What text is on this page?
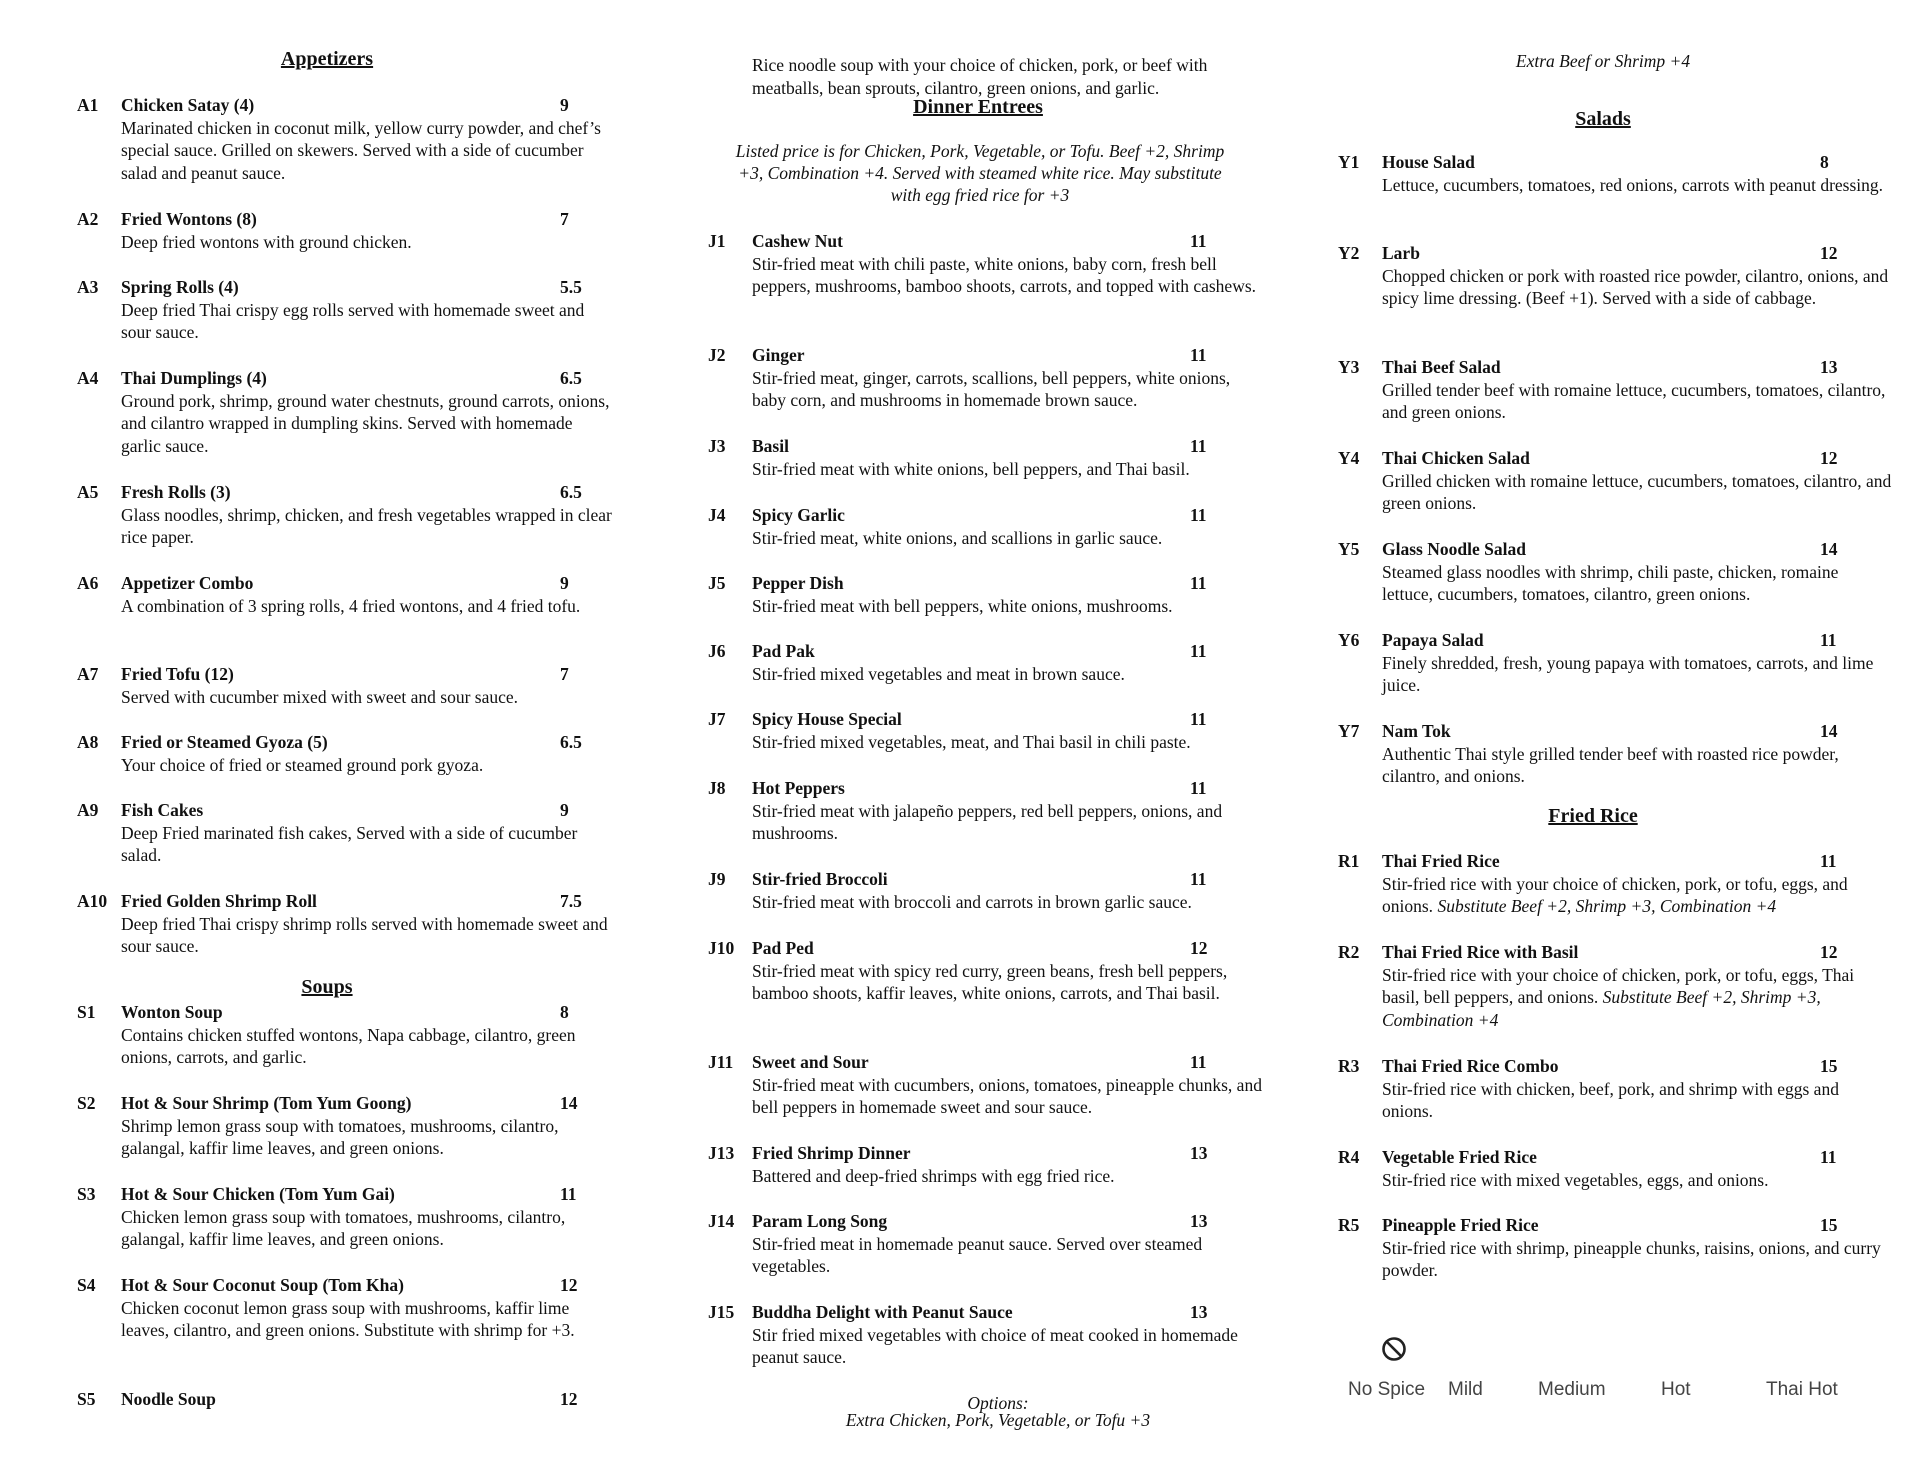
Appetizers
A1 Chicken Satay (4)	9
Marinated chicken in coconut milk, yellow curry powder, and chef’s special sauce. Grilled on skewers. Served with a side of cucumber salad and peanut sauce.
A2 Fried Wontons (8)	7
Deep fried wontons with ground chicken.
A3 Spring Rolls (4)	5.5
Deep fried Thai crispy egg rolls served with homemade sweet and sour sauce.
A4 Thai Dumplings (4)	6.5
Ground pork, shrimp, ground water chestnuts, ground carrots, onions, and cilantro wrapped in dumpling skins. Served with homemade garlic sauce.
A5 Fresh Rolls (3)	6.5
Glass noodles, shrimp, chicken, and fresh vegetables wrapped in clear rice paper.
A6 Appetizer Combo	9
A combination of 3 spring rolls, 4 fried wontons, and 4 fried tofu.
A7 Fried Tofu (12)	7
Served with cucumber mixed with sweet and sour sauce.
A8 Fried or Steamed Gyoza (5)	6.5
Your choice of fried or steamed ground pork gyoza.
A9 Fish Cakes	9
Deep Fried marinated fish cakes, Served with a side of cucumber salad.
A10 Fried Golden Shrimp Roll	7.5
Deep fried Thai crispy shrimp rolls served with homemade sweet and sour sauce.
Soups
S1 Wonton Soup	8
Contains chicken stuffed wontons, Napa cabbage, cilantro, green onions, carrots, and garlic.
S2 Hot & Sour Shrimp (Tom Yum Goong)	14
Shrimp lemon grass soup with tomatoes, mushrooms, cilantro, galangal, kaffir lime leaves, and green onions.
S3 Hot & Sour Chicken (Tom Yum Gai)	11
Chicken lemon grass soup with tomatoes, mushrooms, cilantro, galangal, kaffir lime leaves, and green onions.
S4 Hot & Sour Coconut Soup (Tom Kha)	12
Chicken coconut lemon grass soup with mushrooms, kaffir lime leaves, cilantro, and green onions. Substitute with shrimp for +3.
S5 Noodle Soup	12
Rice noodle soup with your choice of chicken, pork, or beef with meatballs, bean sprouts, cilantro, green onions, and garlic.
Dinner Entrees
Listed price is for Chicken, Pork, Vegetable, or Tofu. Beef +2, Shrimp +3, Combination +4. Served with steamed white rice. May substitute with egg fried rice for +3
J1 Cashew Nut	11
Stir-fried meat with chili paste, white onions, baby corn, fresh bell peppers, mushrooms, bamboo shoots, carrots, and topped with cashews.
J2 Ginger	11
Stir-fried meat, ginger, carrots, scallions, bell peppers, white onions, baby corn, and mushrooms in homemade brown sauce.
J3 Basil	11
Stir-fried meat with white onions, bell peppers, and Thai basil.
J4 Spicy Garlic	11
Stir-fried meat, white onions, and scallions in garlic sauce.
J5 Pepper Dish	11
Stir-fried meat with bell peppers, white onions, mushrooms.
J6 Pad Pak	11
Stir-fried mixed vegetables and meat in brown sauce.
J7 Spicy House Special	11
Stir-fried mixed vegetables, meat, and Thai basil in chili paste.
J8 Hot Peppers	11
Stir-fried meat with jalapeño peppers, red bell peppers, onions, and mushrooms.
J9 Stir-fried Broccoli	11
Stir-fried meat with broccoli and carrots in brown garlic sauce.
J10 Pad Ped	12
Stir-fried meat with spicy red curry, green beans, fresh bell peppers, bamboo shoots, kaffir leaves, white onions, carrots, and Thai basil.
J11 Sweet and Sour	11
Stir-fried meat with cucumbers, onions, tomatoes, pineapple chunks, and bell peppers in homemade sweet and sour sauce.
J13 Fried Shrimp Dinner	13
Battered and deep-fried shrimps with egg fried rice.
J14 Param Long Song	13
Stir-fried meat in homemade peanut sauce. Served over steamed vegetables.
J15 Buddha Delight with Peanut Sauce	13
Stir fried mixed vegetables with choice of meat cooked in homemade peanut sauce.
Options:
Extra Chicken, Pork, Vegetable, or Tofu +3
Extra Beef or Shrimp +4
Salads
Y1 House Salad	8
Lettuce, cucumbers, tomatoes, red onions, carrots with peanut dressing.
Y2 Larb	12
Chopped chicken or pork with roasted rice powder, cilantro, onions, and spicy lime dressing. (Beef +1). Served with a side of cabbage.
Y3 Thai Beef Salad	13
Grilled tender beef with romaine lettuce, cucumbers, tomatoes, cilantro, and green onions.
Y4 Thai Chicken Salad	12
Grilled chicken with romaine lettuce, cucumbers, tomatoes, cilantro, and green onions.
Y5 Glass Noodle Salad	14
Steamed glass noodles with shrimp, chili paste, chicken, romaine lettuce, cucumbers, tomatoes, cilantro, green onions.
Y6 Papaya Salad	11
Finely shredded, fresh, young papaya with tomatoes, carrots, and lime juice.
Y7 Nam Tok	14
Authentic Thai style grilled tender beef with roasted rice powder, cilantro, and onions.
Fried Rice
R1 Thai Fried Rice	11
Stir-fried rice with your choice of chicken, pork, or tofu, eggs, and onions. Substitute Beef +2, Shrimp +3, Combination +4
R2 Thai Fried Rice with Basil	12
Stir-fried rice with your choice of chicken, pork, or tofu, eggs, Thai basil, bell peppers, and onions. Substitute Beef +2, Shrimp +3, Combination +4
R3 Thai Fried Rice Combo	15
Stir-fried rice with chicken, beef, pork, and shrimp with eggs and onions.
R4 Vegetable Fried Rice	11
Stir-fried rice with mixed vegetables, eggs, and onions.
R5 Pineapple Fried Rice	15
Stir-fried rice with shrimp, pineapple chunks, raisins, onions, and curry powder.
No Spice Mild	Medium	Hot	Thai Hot
